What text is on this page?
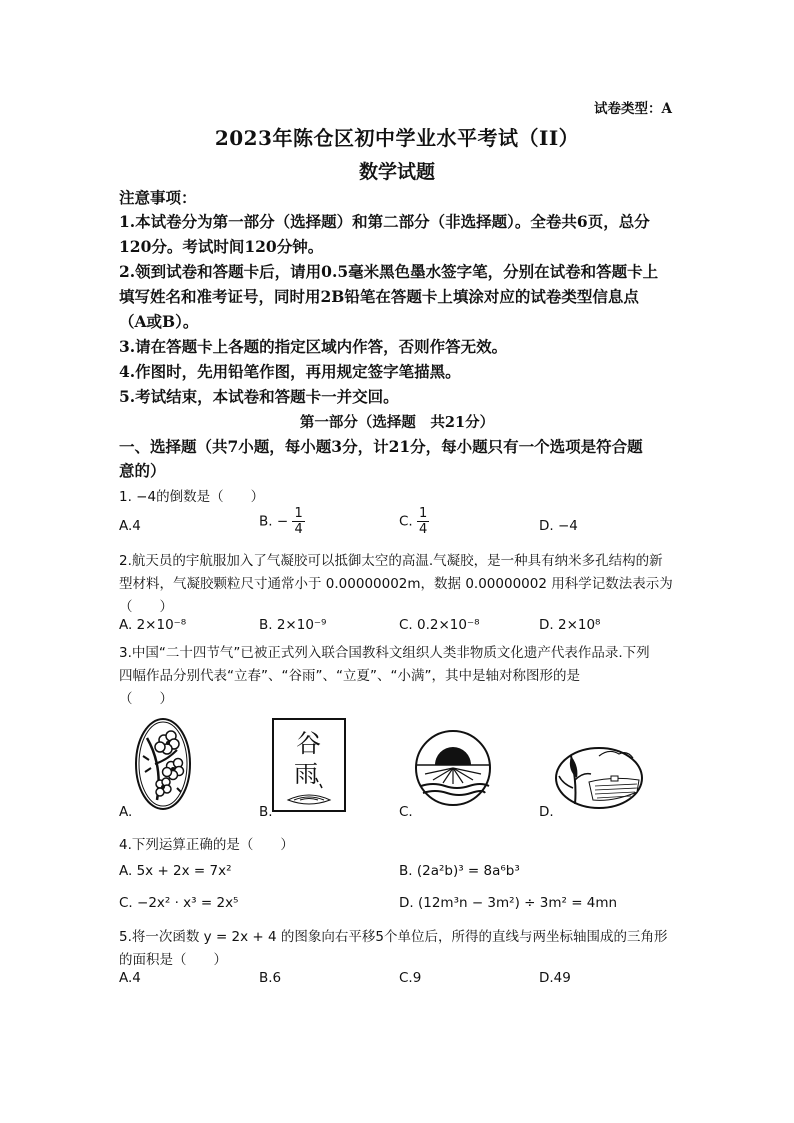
试卷类型：A
2023年陈仓区初中学业水平考试（II）
数学试题
注意事项：
1.本试卷分为第一部分（选择题）和第二部分（非选择题）。全卷共6页，总分
120分。考试时间120分钟。
2.领到试卷和答题卡后，请用0.5毫米黑色墨水签字笔，分别在试卷和答题卡上
填写姓名和准考证号，同时用2B铅笔在答题卡上填涂对应的试卷类型信息点
（A或B）。
3.请在答题卡上各题的指定区域内作答，否则作答无效。
4.作图时，先用铅笔作图，再用规定签字笔描黑。
5.考试结束，本试卷和答题卡一并交回。
第一部分（选择题　共21分）
一、选择题（共7小题，每小题3分，计21分，每小题只有一个选项是符合题
意的）
1. −4的倒数是（　　）
A.4	B. − $\frac{1}{4}$	C. $\frac{1}{4}$	D. −4
2.航天员的宇航服加入了气凝胶可以抵御太空的高温.气凝胶，是一种具有纳米多孔结构的新
型材料，气凝胶颗粒尺寸通常小于 0.00000002m，数据 0.00000002 用科学记数法表示为
（　　）
A. 2×10⁻⁸	B. 2×10⁻⁹	C. 0.2×10⁻⁸	D. 2×10⁸
3.中国“二十四节气”已被正式列入联合国教科文组织人类非物质文化遗产代表作品录.下列
四幅作品分别代表“立春”、“谷雨”、“立夏”、“小满”，其中是轴对称图形的是
（　　）
A.
谷
雨
B.	C.	D.
4.下列运算正确的是（　　）
A. 5x + 2x = 7x²	B. (2a²b)³ = 8a⁶b³
C. −2x² · x³ = 2x⁵	D. (12m³n − 3m²) ÷ 3m² = 4mn
5.将一次函数 y = 2x + 4 的图象向右平移5个单位后，所得的直线与两坐标轴围成的三角形
的面积是（　　）
A.4	B.6	C.9	D.49
